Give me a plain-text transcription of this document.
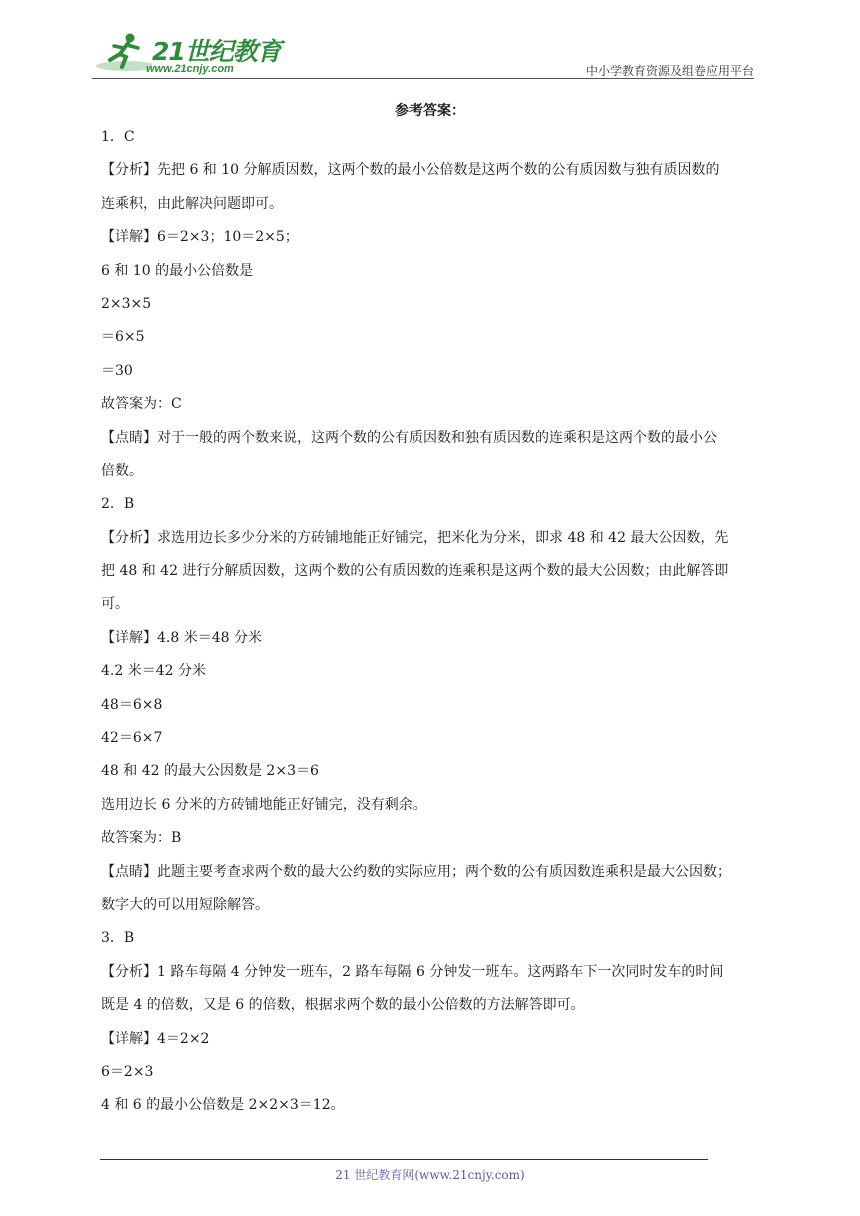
21世纪教育
www.21cnjy.com	中小学教育资源及组卷应用平台
参考答案：
1．C
【分析】先把 6 和 10 分解质因数，这两个数的最小公倍数是这两个数的公有质因数与独有质因数的
连乘积，由此解决问题即可。
【详解】6＝2×3；10＝2×5；
6 和 10 的最小公倍数是
2×3×5
＝6×5
＝30
故答案为：C
【点睛】对于一般的两个数来说，这两个数的公有质因数和独有质因数的连乘积是这两个数的最小公
倍数。
2．B
【分析】求选用边长多少分米的方砖铺地能正好铺完，把米化为分米，即求 48 和 42 最大公因数，先
把 48 和 42 进行分解质因数，这两个数的公有质因数的连乘积是这两个数的最大公因数；由此解答即
可。
【详解】4.8 米＝48 分米
4.2 米＝42 分米
48＝6×8
42＝6×7
48 和 42 的最大公因数是 2×3＝6
选用边长 6 分米的方砖铺地能正好铺完，没有剩余。
故答案为：B
【点睛】此题主要考查求两个数的最大公约数的实际应用；两个数的公有质因数连乘积是最大公因数；
数字大的可以用短除解答。
3．B
【分析】1 路车每隔 4 分钟发一班车，2 路车每隔 6 分钟发一班车。这两路车下一次同时发车的时间
既是 4 的倍数，又是 6 的倍数，根据求两个数的最小公倍数的方法解答即可。
【详解】4＝2×2
6＝2×3
4 和 6 的最小公倍数是 2×2×3＝12。
21 世纪教育网(www.21cnjy.com)
